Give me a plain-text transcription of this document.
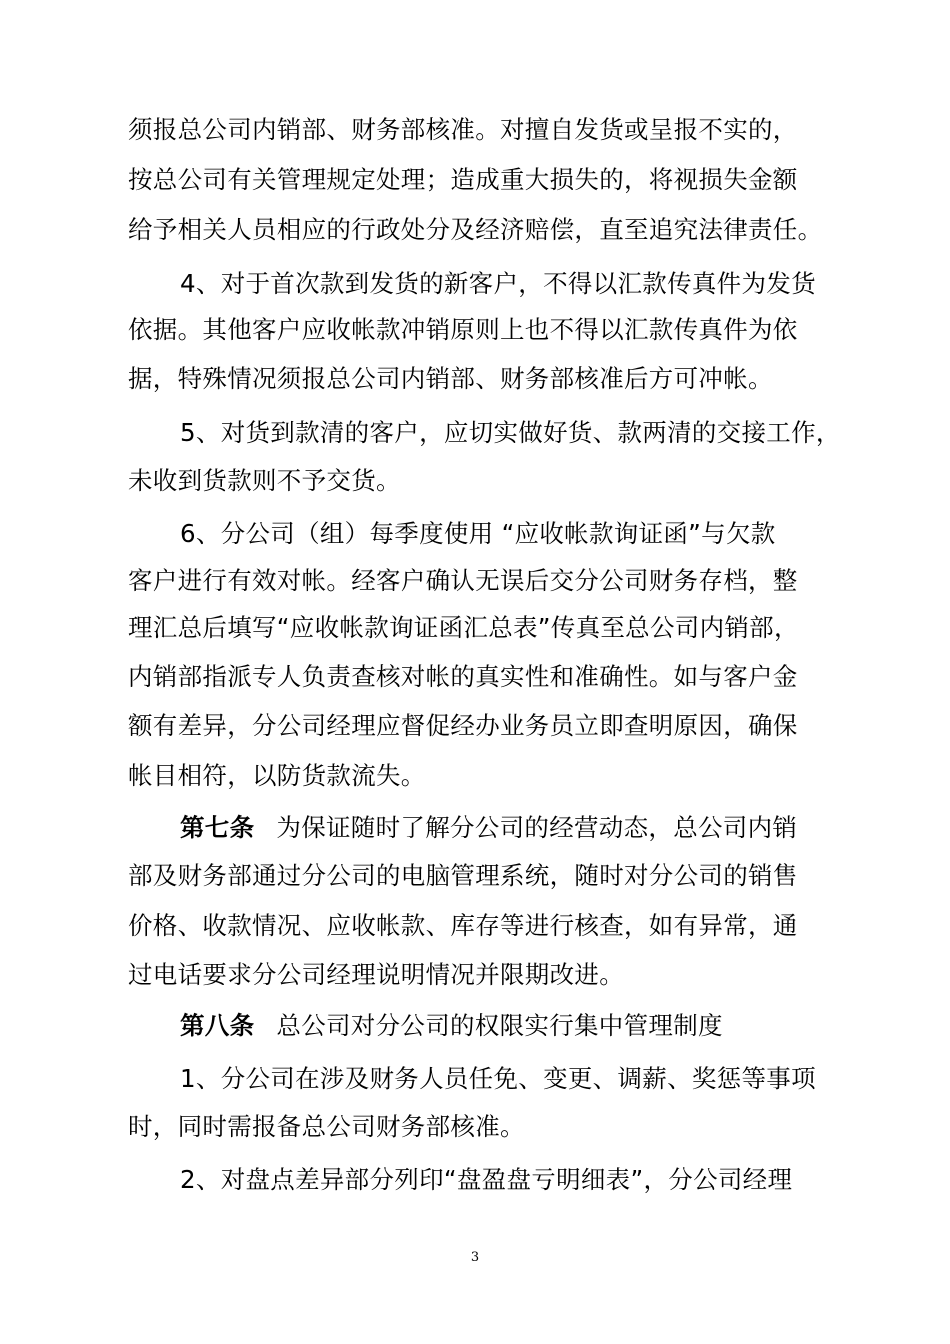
须报总公司内销部、财务部核准。对擅自发货或呈报不实的，
按总公司有关管理规定处理；造成重大损失的，将视损失金额
给予相关人员相应的行政处分及经济赔偿，直至追究法律责任。
4、对于首次款到发货的新客户，不得以汇款传真件为发货
依据。其他客户应收帐款冲销原则上也不得以汇款传真件为依
据，特殊情况须报总公司内销部、财务部核准后方可冲帐。
5、对货到款清的客户，应切实做好货、款两清的交接工作，
未收到货款则不予交货。
6、分公司（组）每季度使用 “应收帐款询证函”与欠款
客户进行有效对帐。经客户确认无误后交分公司财务存档，整
理汇总后填写“应收帐款询证函汇总表”传真至总公司内销部，
内销部指派专人负责查核对帐的真实性和准确性。如与客户金
额有差异，分公司经理应督促经办业务员立即查明原因，确保
帐目相符，以防货款流失。
第七条 为保证随时了解分公司的经营动态，总公司内销
部及财务部通过分公司的电脑管理系统，随时对分公司的销售
价格、收款情况、应收帐款、库存等进行核查，如有异常，通
过电话要求分公司经理说明情况并限期改进。
第八条 总公司对分公司的权限实行集中管理制度
1、分公司在涉及财务人员任免、变更、调薪、奖惩等事项
时，同时需报备总公司财务部核准。
2、对盘点差异部分列印“盘盈盘亏明细表”，分公司经理
3
